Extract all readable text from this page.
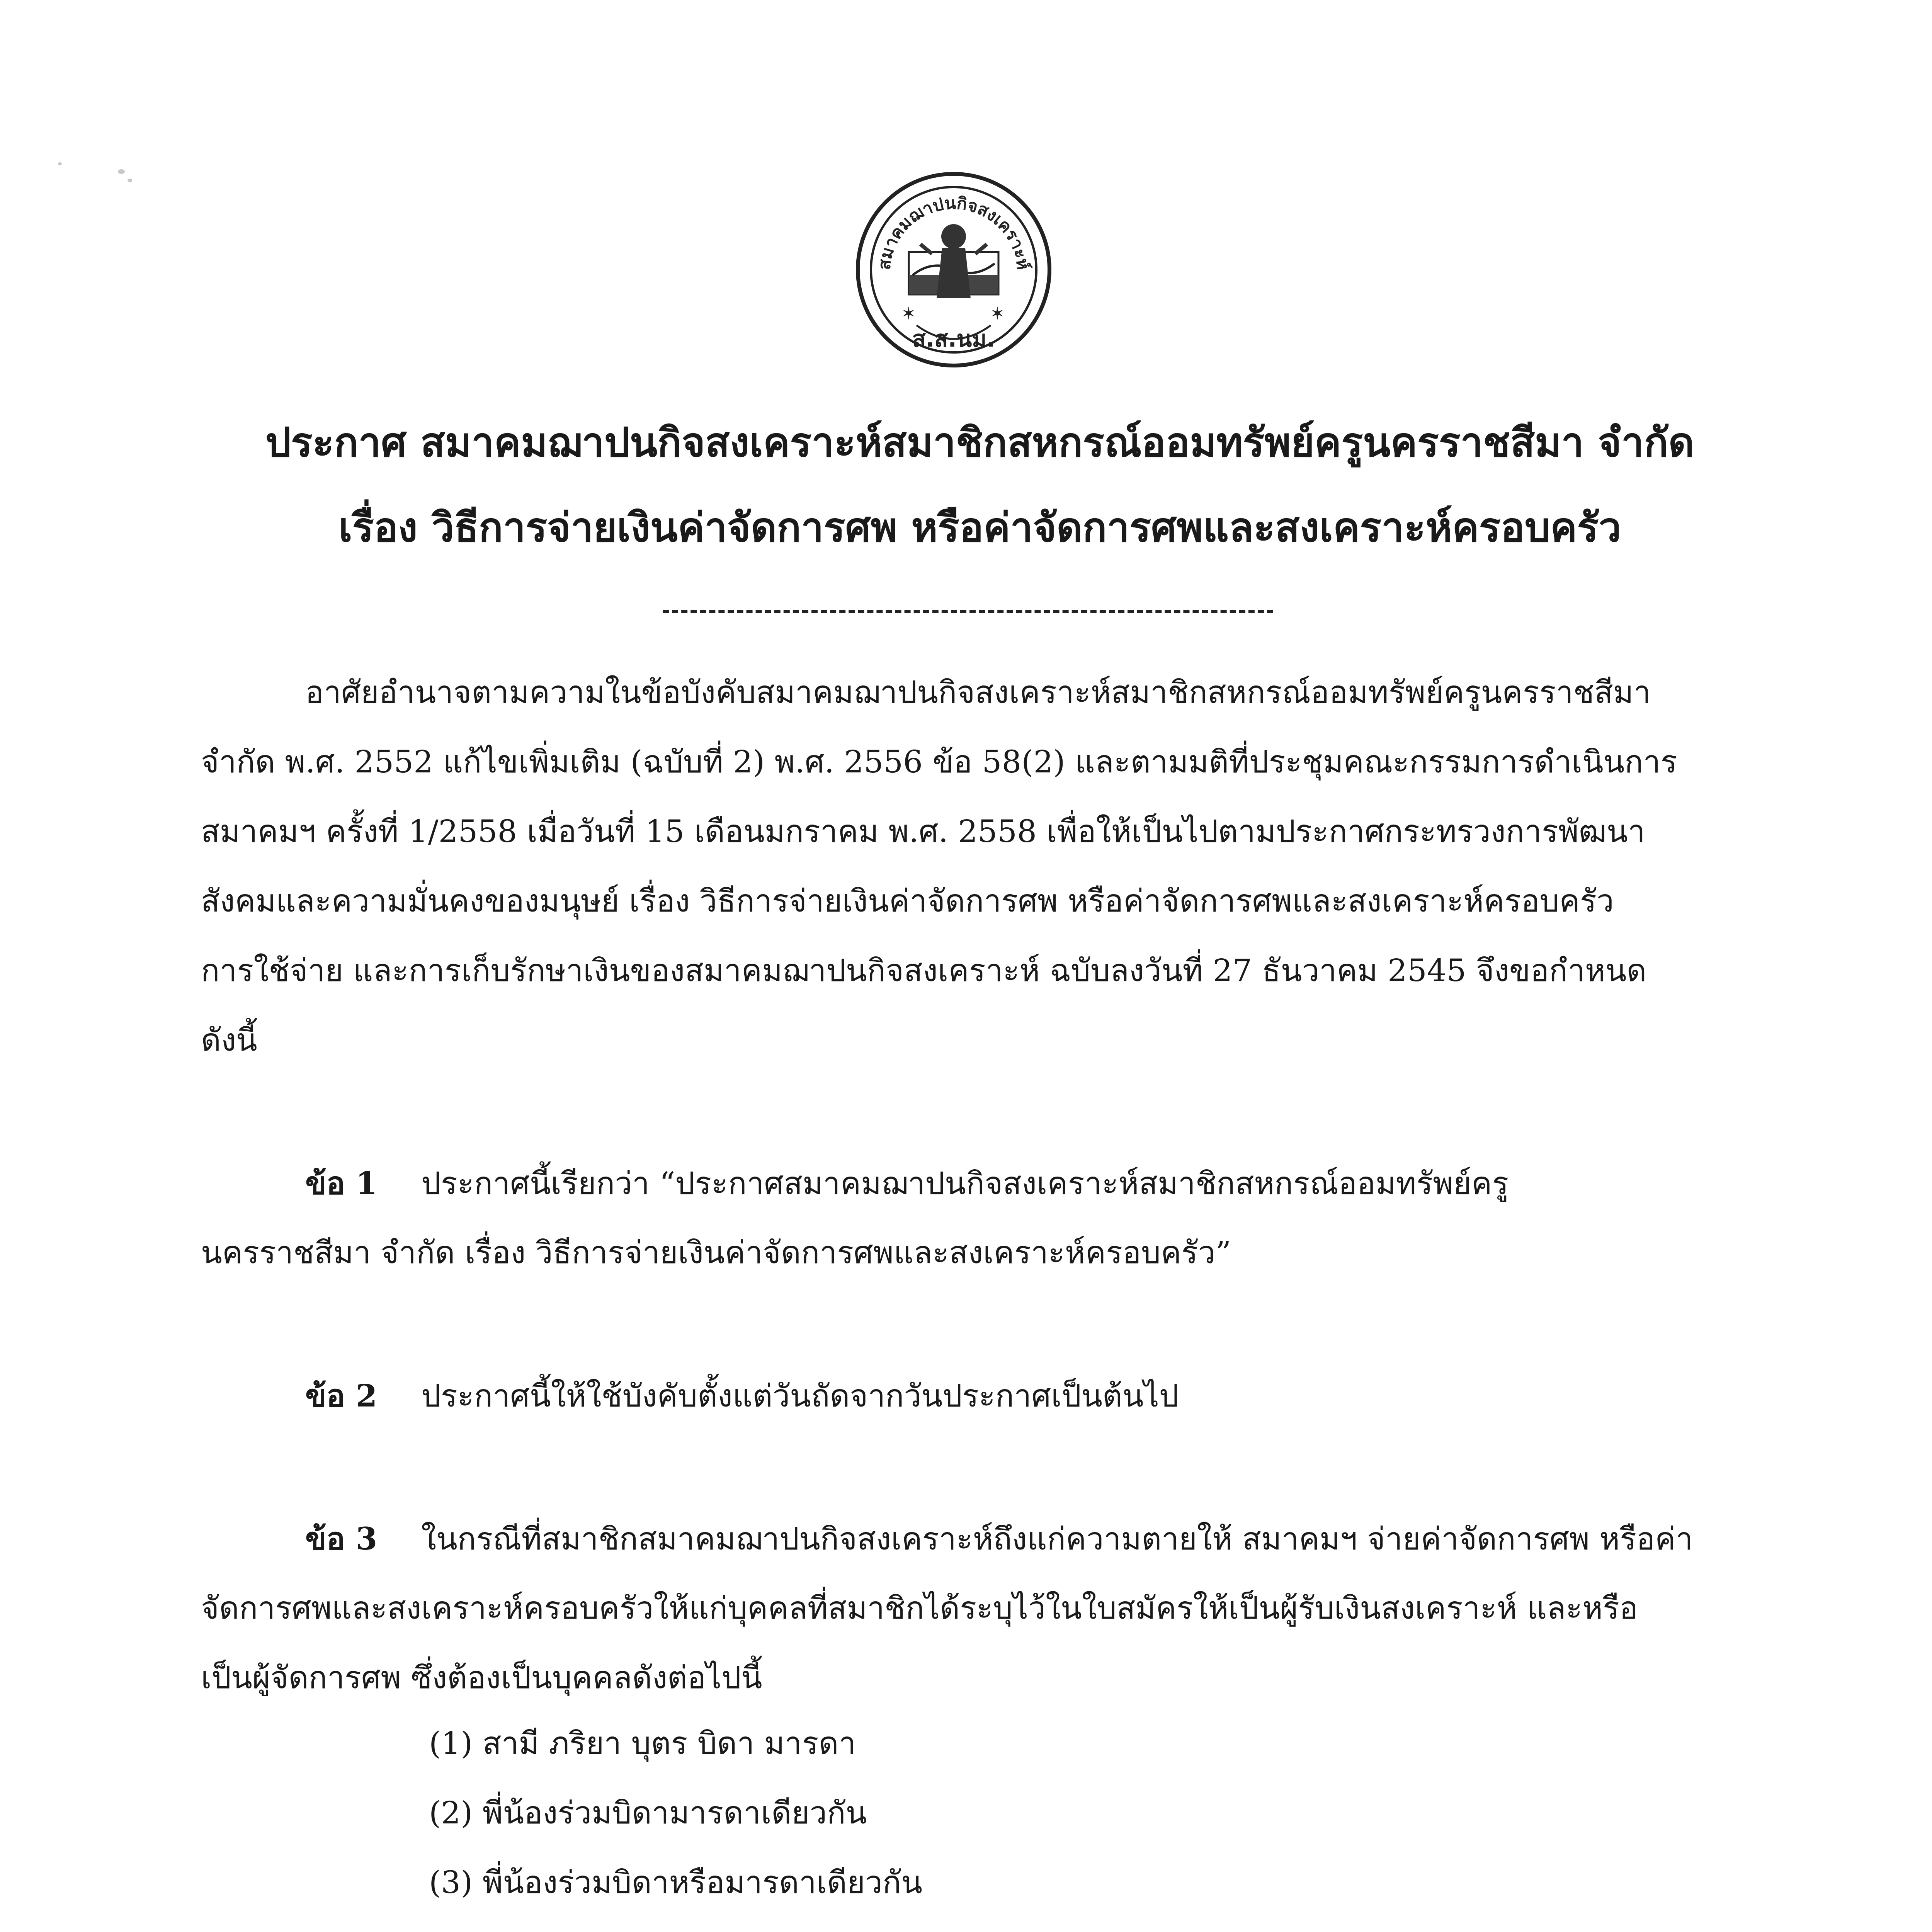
สมาคมฌาปนกิจสงเคราะห์
✶	✶
ส.ส.นม.
ประกาศ สมาคมฌาปนกิจสงเคราะห์สมาชิกสหกรณ์ออมทรัพย์ครูนครราชสีมา จำกัด
เรื่อง วิธีการจ่ายเงินค่าจัดการศพ หรือค่าจัดการศพและสงเคราะห์ครอบครัว
อาศัยอำนาจตามความในข้อบังคับสมาคมฌาปนกิจสงเคราะห์สมาชิกสหกรณ์ออมทรัพย์ครูนครราชสีมา
จำกัด พ.ศ. 2552 แก้ไขเพิ่มเติม (ฉบับที่ 2) พ.ศ. 2556 ข้อ 58(2) และตามมติที่ประชุมคณะกรรมการดำเนินการ
สมาคมฯ ครั้งที่ 1/2558 เมื่อวันที่ 15 เดือนมกราคม พ.ศ. 2558 เพื่อให้เป็นไปตามประกาศกระทรวงการพัฒนา
สังคมและความมั่นคงของมนุษย์ เรื่อง วิธีการจ่ายเงินค่าจัดการศพ หรือค่าจัดการศพและสงเคราะห์ครอบครัว
การใช้จ่าย และการเก็บรักษาเงินของสมาคมฌาปนกิจสงเคราะห์ ฉบับลงวันที่ 27 ธันวาคม 2545 จึงขอกำหนด
ดังนี้
ข้อ 1 ประกาศนี้เรียกว่า “ประกาศสมาคมฌาปนกิจสงเคราะห์สมาชิกสหกรณ์ออมทรัพย์ครู
นครราชสีมา จำกัด เรื่อง วิธีการจ่ายเงินค่าจัดการศพและสงเคราะห์ครอบครัว”
ข้อ 2 ประกาศนี้ให้ใช้บังคับตั้งแต่วันถัดจากวันประกาศเป็นต้นไป
ข้อ 3 ในกรณีที่สมาชิกสมาคมฌาปนกิจสงเคราะห์ถึงแก่ความตายให้ สมาคมฯ จ่ายค่าจัดการศพ หรือค่า
จัดการศพและสงเคราะห์ครอบครัวให้แก่บุคคลที่สมาชิกได้ระบุไว้ในใบสมัครให้เป็นผู้รับเงินสงเคราะห์ และหรือ
เป็นผู้จัดการศพ ซึ่งต้องเป็นบุคคลดังต่อไปนี้
(1) สามี ภริยา บุตร บิดา มารดา
(2) พี่น้องร่วมบิดามารดาเดียวกัน
(3) พี่น้องร่วมบิดาหรือมารดาเดียวกัน
